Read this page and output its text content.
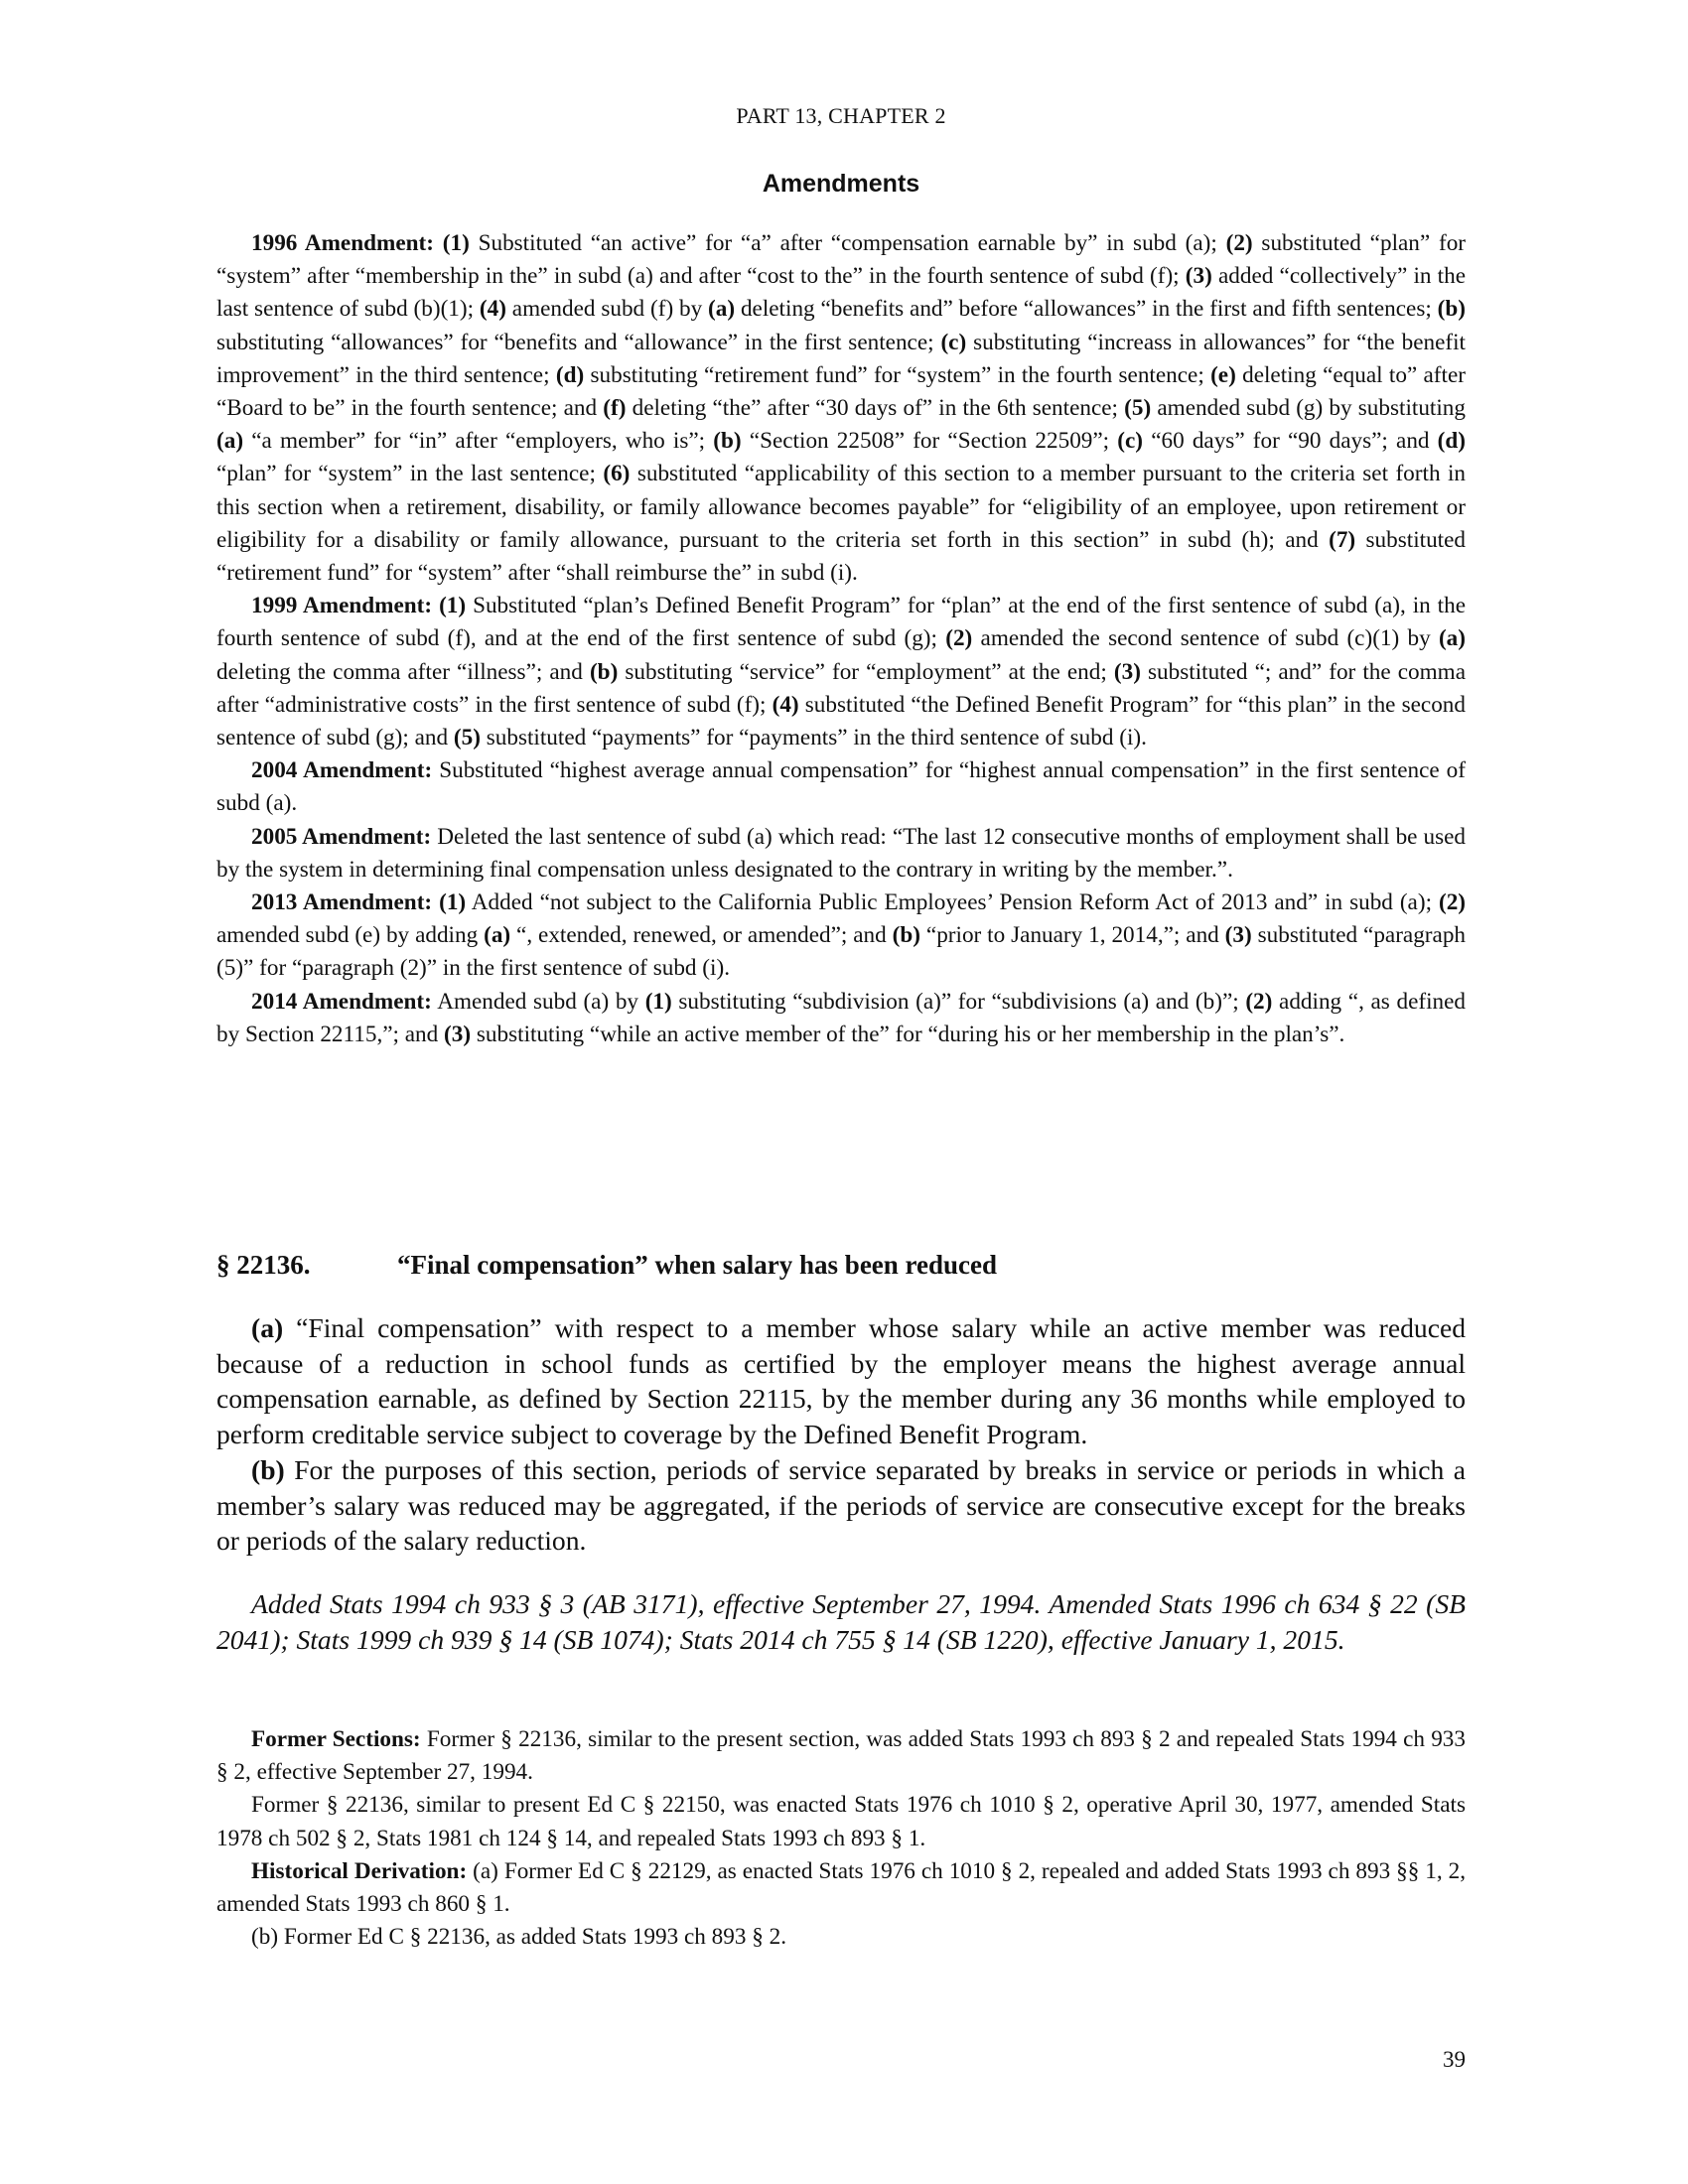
PART 13, CHAPTER 2
Amendments

1996 Amendment: (1) Substituted “an active” for “a” after “compensation earnable by” in subd (a); (2) substituted “plan” for “system” after “membership in the” in subd (a) and after “cost to the” in the fourth sentence of subd (f); (3) added “collectively” in the last sentence of subd (b)(1); (4) amended subd (f) by (a) deleting “benefits and” before “allowances” in the first and fifth sentences; (b) substituting “allowances” for “benefits and “allowance” in the first sentence; (c) substituting “increass in allowances” for “the benefit improvement” in the third sentence; (d) substituting “retirement fund” for “system” in the fourth sentence; (e) deleting “equal to” after “Board to be” in the fourth sentence; and (f) deleting “the” after “30 days of” in the 6th sentence; (5) amended subd (g) by substituting (a) “a member” for “in” after “employers, who is”; (b) “Section 22508” for “Section 22509”; (c) “60 days” for “90 days”; and (d) “plan” for “system” in the last sentence; (6) substituted “applicability of this section to a member pursuant to the criteria set forth in this section when a retirement, disability, or family allowance becomes payable” for “eligibility of an employee, upon retirement or eligibility for a disability or family allowance, pursuant to the criteria set forth in this section” in subd (h); and (7) substituted “retirement fund” for “system” after “shall reimburse the” in subd (i).

1999 Amendment: (1) Substituted “plan’s Defined Benefit Program” for “plan” at the end of the first sentence of subd (a), in the fourth sentence of subd (f), and at the end of the first sentence of subd (g); (2) amended the second sentence of subd (c)(1) by (a) deleting the comma after “illness”; and (b) substituting “service” for “employment” at the end; (3) substituted “; and” for the comma after “administrative costs” in the first sentence of subd (f); (4) substituted “the Defined Benefit Program” for “this plan” in the second sentence of subd (g); and (5) substituted “payments” for “payments” in the third sentence of subd (i).

2004 Amendment: Substituted “highest average annual compensation” for “highest annual compensation” in the first sentence of subd (a).

2005 Amendment: Deleted the last sentence of subd (a) which read: “The last 12 consecutive months of employment shall be used by the system in determining final compensation unless designated to the contrary in writing by the member.”.

2013 Amendment: (1) Added “not subject to the California Public Employees’ Pension Reform Act of 2013 and” in subd (a); (2) amended subd (e) by adding (a) “, extended, renewed, or amended”; and (b) “prior to January 1, 2014,”; and (3) substituted “paragraph (5)” for “paragraph (2)” in the first sentence of subd (i).

2014 Amendment: Amended subd (a) by (1) substituting “subdivision (a)” for “subdivisions (a) and (b)”; (2) adding “, as defined by Section 22115,”; and (3) substituting “while an active member of the” for “during his or her membership in the plan’s”.

§ 22136.	“Final compensation” when salary has been reduced

(a) “Final compensation” with respect to a member whose salary while an active member was reduced because of a reduction in school funds as certified by the employer means the highest average annual compensation earnable, as defined by Section 22115, by the member during any 36 months while employed to perform creditable service subject to coverage by the Defined Benefit Program.

(b) For the purposes of this section, periods of service separated by breaks in service or periods in which a member’s salary was reduced may be aggregated, if the periods of service are consecutive except for the breaks or periods of the salary reduction.

Added Stats 1994 ch 933 § 3 (AB 3171), effective September 27, 1994. Amended Stats 1996 ch 634 § 22 (SB 2041); Stats 1999 ch 939 § 14 (SB 1074); Stats 2014 ch 755 § 14 (SB 1220), effective January 1, 2015.

Former Sections: Former § 22136, similar to the present section, was added Stats 1993 ch 893 § 2 and repealed Stats 1994 ch 933 § 2, effective September 27, 1994.

Former § 22136, similar to present Ed C § 22150, was enacted Stats 1976 ch 1010 § 2, operative April 30, 1977, amended Stats 1978 ch 502 § 2, Stats 1981 ch 124 § 14, and repealed Stats 1993 ch 893 § 1.

Historical Derivation: (a) Former Ed C § 22129, as enacted Stats 1976 ch 1010 § 2, repealed and added Stats 1993 ch 893 §§ 1, 2, amended Stats 1993 ch 860 § 1.

(b) Former Ed C § 22136, as added Stats 1993 ch 893 § 2.

39
